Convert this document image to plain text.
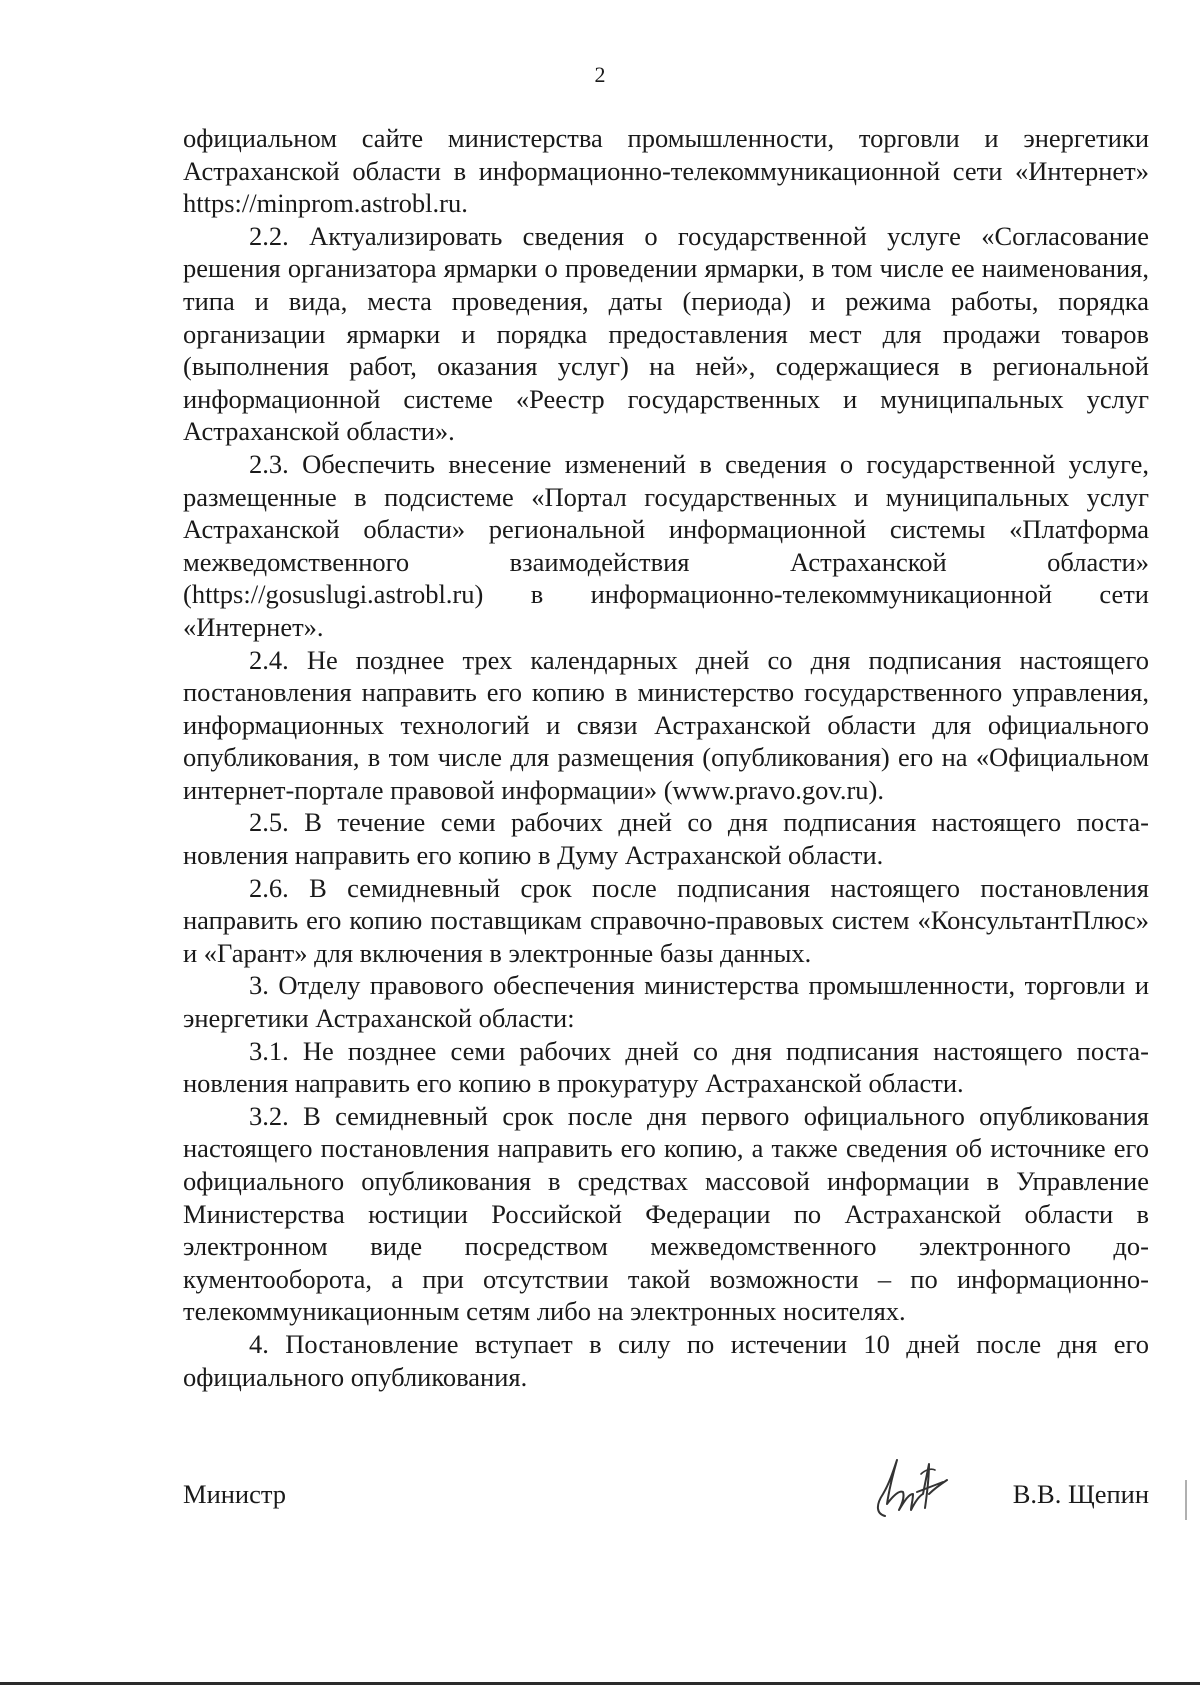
2

официальном сайте министерства промышленности, торговли и энергетики Астраханской области в информационно-телекоммуникационной сети «Интернет» https://minprom.astrobl.ru.

2.2. Актуализировать сведения о государственной услуге «Согласование решения организатора ярмарки о проведении ярмарки, в том числе ее наименования, типа и вида, места проведения, даты (периода) и режима работы, порядка организации ярмарки и порядка предоставления мест для продажи товаров (выполнения работ, оказания услуг) на ней», содержащиеся в региональной информационной системе «Реестр государственных и муниципальных услуг Астраханской области».

2.3. Обеспечить внесение изменений в сведения о государственной услуге, размещенные в подсистеме «Портал государственных и муниципальных услуг Астраханской области» региональной информационной системы «Платформа межведомственного взаимодействия Астраханской области» (https://gosuslugi.astrobl.ru) в информационно-телекоммуникационной сети «Интернет».

2.4. Не позднее трех календарных дней со дня подписания настоящего постановления направить его копию в министерство государственного управления, информационных технологий и связи Астраханской области для официального опубликования, в том числе для размещения (опубликования) его на «Официальном интернет-портале правовой информации» (www.pravo.gov.ru).

2.5. В течение семи рабочих дней со дня подписания настоящего постановления направить его копию в Думу Астраханской области.

2.6. В семидневный срок после подписания настоящего постановления направить его копию поставщикам справочно-правовых систем «КонсультантПлюс» и «Гарант» для включения в электронные базы данных.

3. Отделу правового обеспечения министерства промышленности, торговли и энергетики Астраханской области:

3.1. Не позднее семи рабочих дней со дня подписания настоящего постановления направить его копию в прокуратуру Астраханской области.

3.2. В семидневный срок после дня первого официального опубликования настоящего постановления направить его копию, а также сведения об источнике его официального опубликования в средствах массовой информации в Управление Министерства юстиции Российской Федерации по Астраханской области в электронном виде посредством межведомственного электронного документооборота, а при отсутствии такой возможности – по информационно-телекоммуникационным сетям либо на электронных носителях.

4. Постановление вступает в силу по истечении 10 дней после дня его официального опубликования.

Министр	В.В. Щепин
